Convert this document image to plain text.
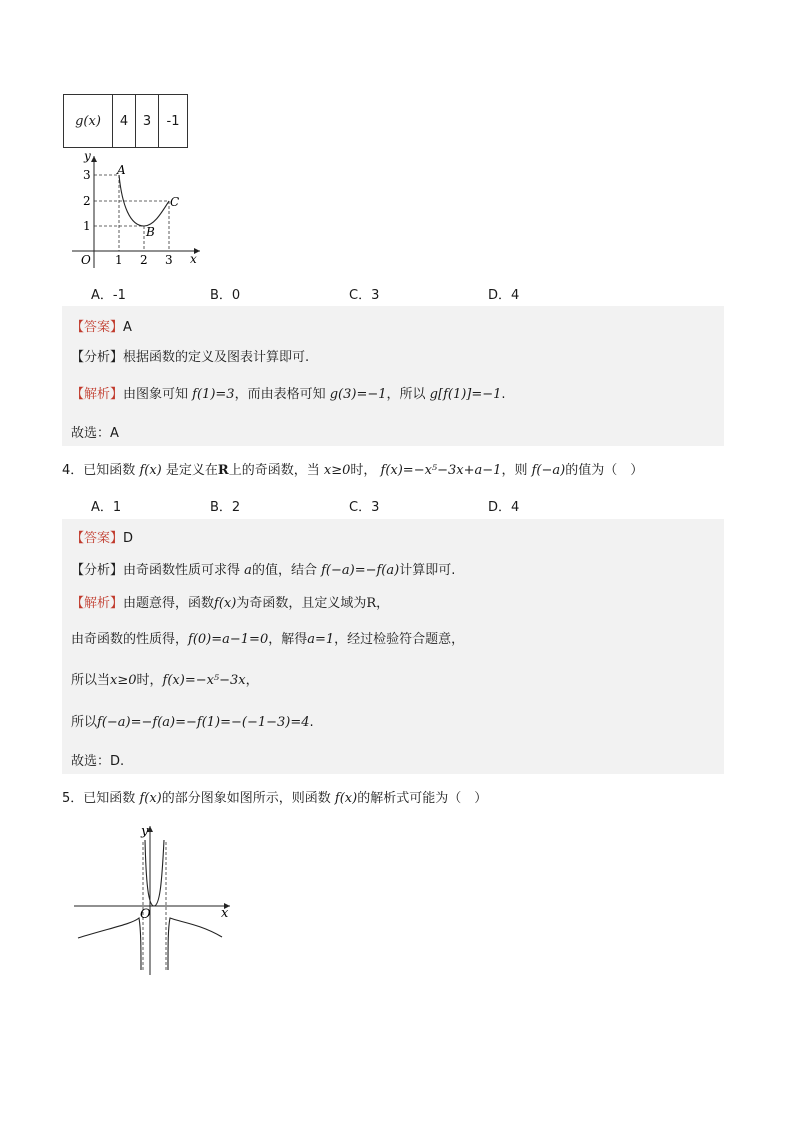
g(x)	4	3	-1
y
x
O 1 2 3
1
2
3 A
B
C
A．-1	B．0	C．3	D．4
【答案】A
【分析】根据函数的定义及图表计算即可.
【解析】由图象可知 f(1)=3，而由表格可知 g(3)=−1，所以 g[f(1)]=−1.
故选：A
4．已知函数 f(x) 是定义在R上的奇函数，当 x≥0时， f(x)=−x⁵−3x+a−1，则 f(−a)的值为（　）
A．1	B．2	C．3	D．4
【答案】D
【分析】由奇函数性质可求得 a的值，结合 f(−a)=−f(a)计算即可.
【解析】由题意得，函数f(x)为奇函数，且定义域为R，
由奇函数的性质得，f(0)=a−1=0，解得a=1，经过检验符合题意，
所以当x≥0时，f(x)=−x⁵−3x，
所以f(−a)=−f(a)=−f(1)=−(−1−3)=4.
故选：D.
5．已知函数 f(x)的部分图象如图所示，则函数 f(x)的解析式可能为（　）
y
x
O
